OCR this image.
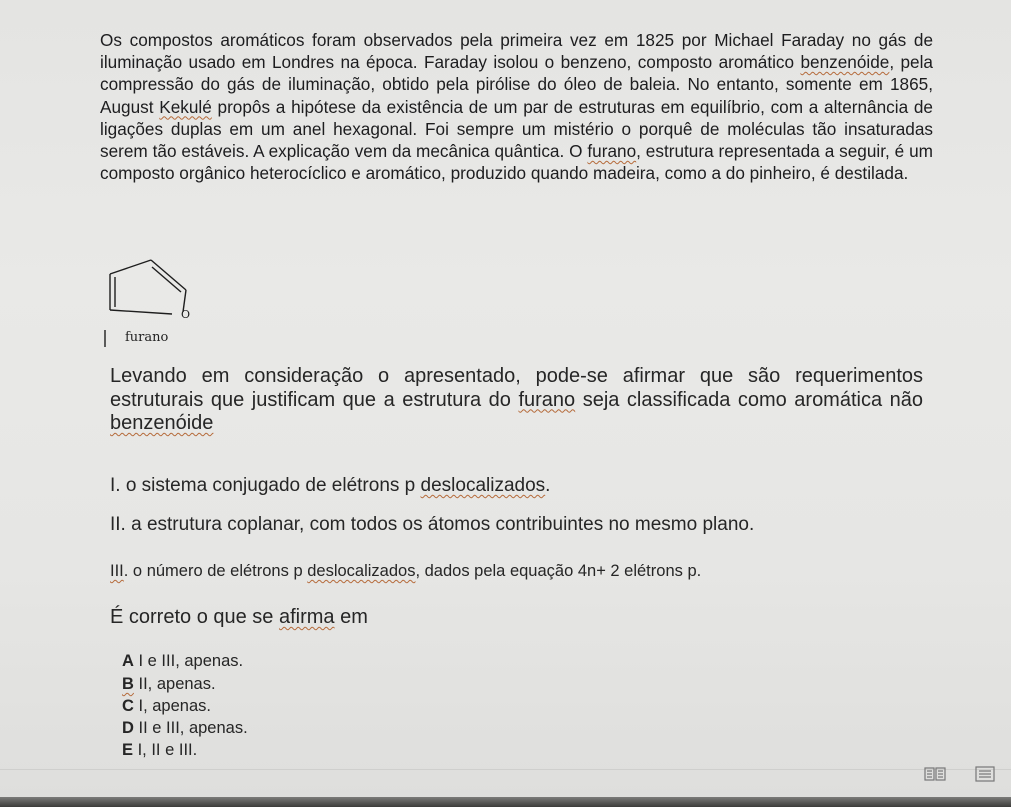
Os compostos aromáticos foram observados pela primeira vez em 1825 por Michael Faraday no gás de iluminação usado em Londres na época. Faraday isolou o benzeno, composto aromático benzenóide, pela compressão do gás de iluminação, obtido pela pirólise do óleo de baleia. No entanto, somente em 1865, August Kekulé propôs a hipótese da existência de um par de estruturas em equilíbrio, com a alternância de ligações duplas em um anel hexagonal. Foi sempre um mistério o porquê de moléculas tão insaturadas serem tão estáveis. A explicação vem da mecânica quântica. O furano, estrutura representada a seguir, é um composto orgânico heterocíclico e aromático, produzido quando madeira, como a do pinheiro, é destilada.
O
furano
Levando em consideração o apresentado, pode-se afirmar que são requerimentos estruturais que justificam que a estrutura do furano seja classificada como aromática não benzenóide
I. o sistema conjugado de elétrons p deslocalizados.
II. a estrutura coplanar, com todos os átomos contribuintes no mesmo plano.
III. o número de elétrons p deslocalizados, dados pela equação 4n+ 2 elétrons p.
É correto o que se afirma em
A I e III, apenas.
B II, apenas.
C I, apenas.
D II e III, apenas.
E I, II e III.
